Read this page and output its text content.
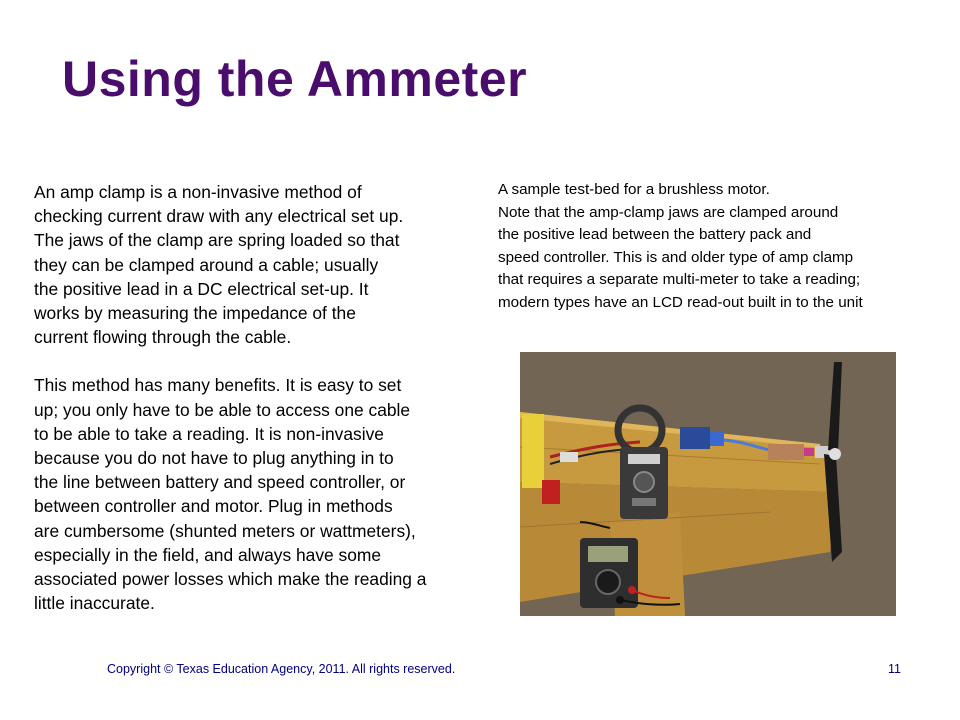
Using the Ammeter

An amp clamp is a non-invasive method of
checking current draw with any electrical set up.
The jaws of the clamp are spring loaded so that
they can be clamped around a cable; usually
the positive lead in a DC electrical set-up. It
works by measuring the impedance of the
current flowing through the cable.

This method has many benefits. It is easy to set
up; you only have to be able to access one cable
to be able to take a reading. It is non-invasive
because you do not have to plug anything in to
the line between battery and speed controller, or
between controller and motor. Plug in methods
are cumbersome (shunted meters or wattmeters),
especially in the field, and always have some
associated power losses which make the reading a
little inaccurate.

A sample test-bed for a brushless motor.
Note that the amp-clamp jaws are clamped around
the positive lead between the battery pack and
speed controller. This is and older type of amp clamp
that requires a separate multi-meter to take a reading;
modern types have an LCD read-out built in to the unit
Copyright © Texas Education Agency, 2011. All rights reserved.	11
